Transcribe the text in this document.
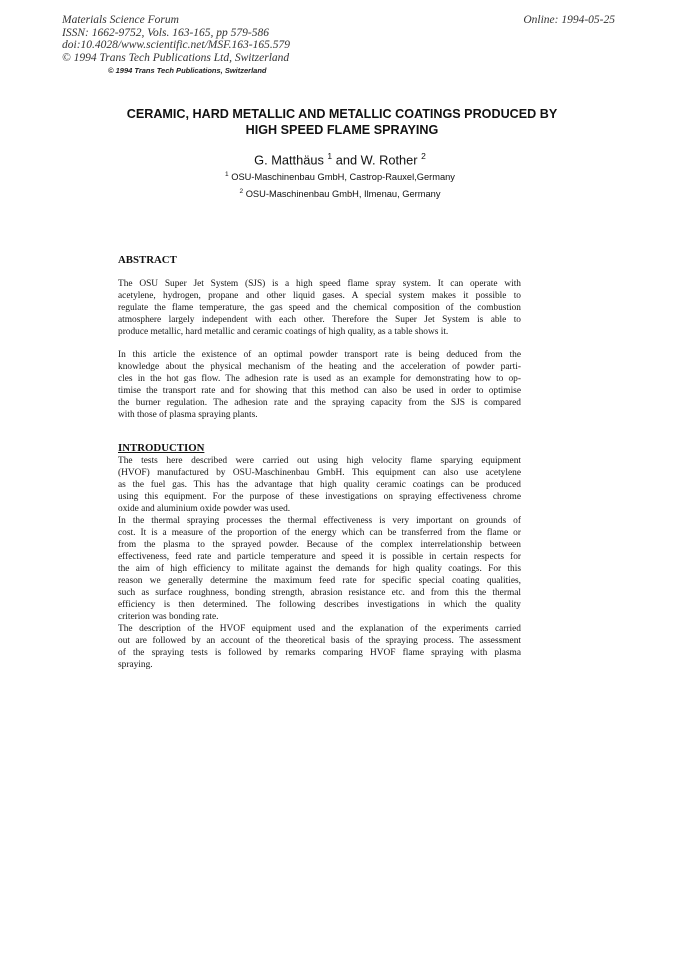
Materials Science Forum
ISSN: 1662-9752, Vols. 163-165, pp 579-586
doi:10.4028/www.scientific.net/MSF.163-165.579
© 1994 Trans Tech Publications Ltd, Switzerland
Online: 1994-05-25
© 1994 Trans Tech Publications, Switzerland
CERAMIC, HARD METALLIC AND METALLIC COATINGS PRODUCED BY
HIGH SPEED FLAME SPRAYING
G. Matthäus $^1$ and W. Rother $^2$
$^1$ OSU-Maschinenbau GmbH, Castrop-Rauxel,Germany
$^2$ OSU-Maschinenbau GmbH, Ilmenau, Germany
ABSTRACT
The OSU Super Jet System (SJS) is a high speed flame spray system. It can operate with
acetylene, hydrogen, propane and other liquid gases. A special system makes it possible to
regulate the flame temperature, the gas speed and the chemical composition of the combustion
atmosphere largely independent with each other. Therefore the Super Jet System is able to
produce metallic, hard metallic and ceramic coatings of high quality, as a table shows it.
In this article the existence of an optimal powder transport rate is being deduced from the
knowledge about the physical mechanism of the heating and the acceleration of powder parti-
cles in the hot gas flow. The adhesion rate is used as an example for demonstrating how to op-
timise the transport rate and for showing that this method can also be used in order to optimise
the burner regulation. The adhesion rate and the spraying capacity from the SJS is compared
with those of plasma spraying plants.
INTRODUCTION
The tests here described were carried out using high velocity flame sparying equipment
(HVOF) manufactured by OSU-Maschinenbau GmbH. This equipment can also use acetylene
as the fuel gas. This has the advantage that high quality ceramic coatings can be produced
using this equipment. For the purpose of these investigations on spraying effectiveness chrome
oxide and aluminium oxide powder was used.
In the thermal spraying processes the thermal effectiveness is very important on grounds of
cost. It is a measure of the proportion of the energy which can be transferred from the flame or
from the plasma to the sprayed powder. Because of the complex interrelationship between
effectiveness, feed rate and particle temperature and speed it is possible in certain respects for
the aim of high efficiency to militate against the demands for high quality coatings. For this
reason we generally determine the maximum feed rate for specific special coating qualities,
such as surface roughness, bonding strength, abrasion resistance etc. and from this the thermal
efficiency is then determined. The following describes investigations in which the quality
criterion was bonding rate.
The description of the HVOF equipment used and the explanation of the experiments carried
out are followed by an account of the theoretical basis of the spraying process. The assessment
of the spraying tests is followed by remarks comparing HVOF flame spraying with plasma
spraying.
